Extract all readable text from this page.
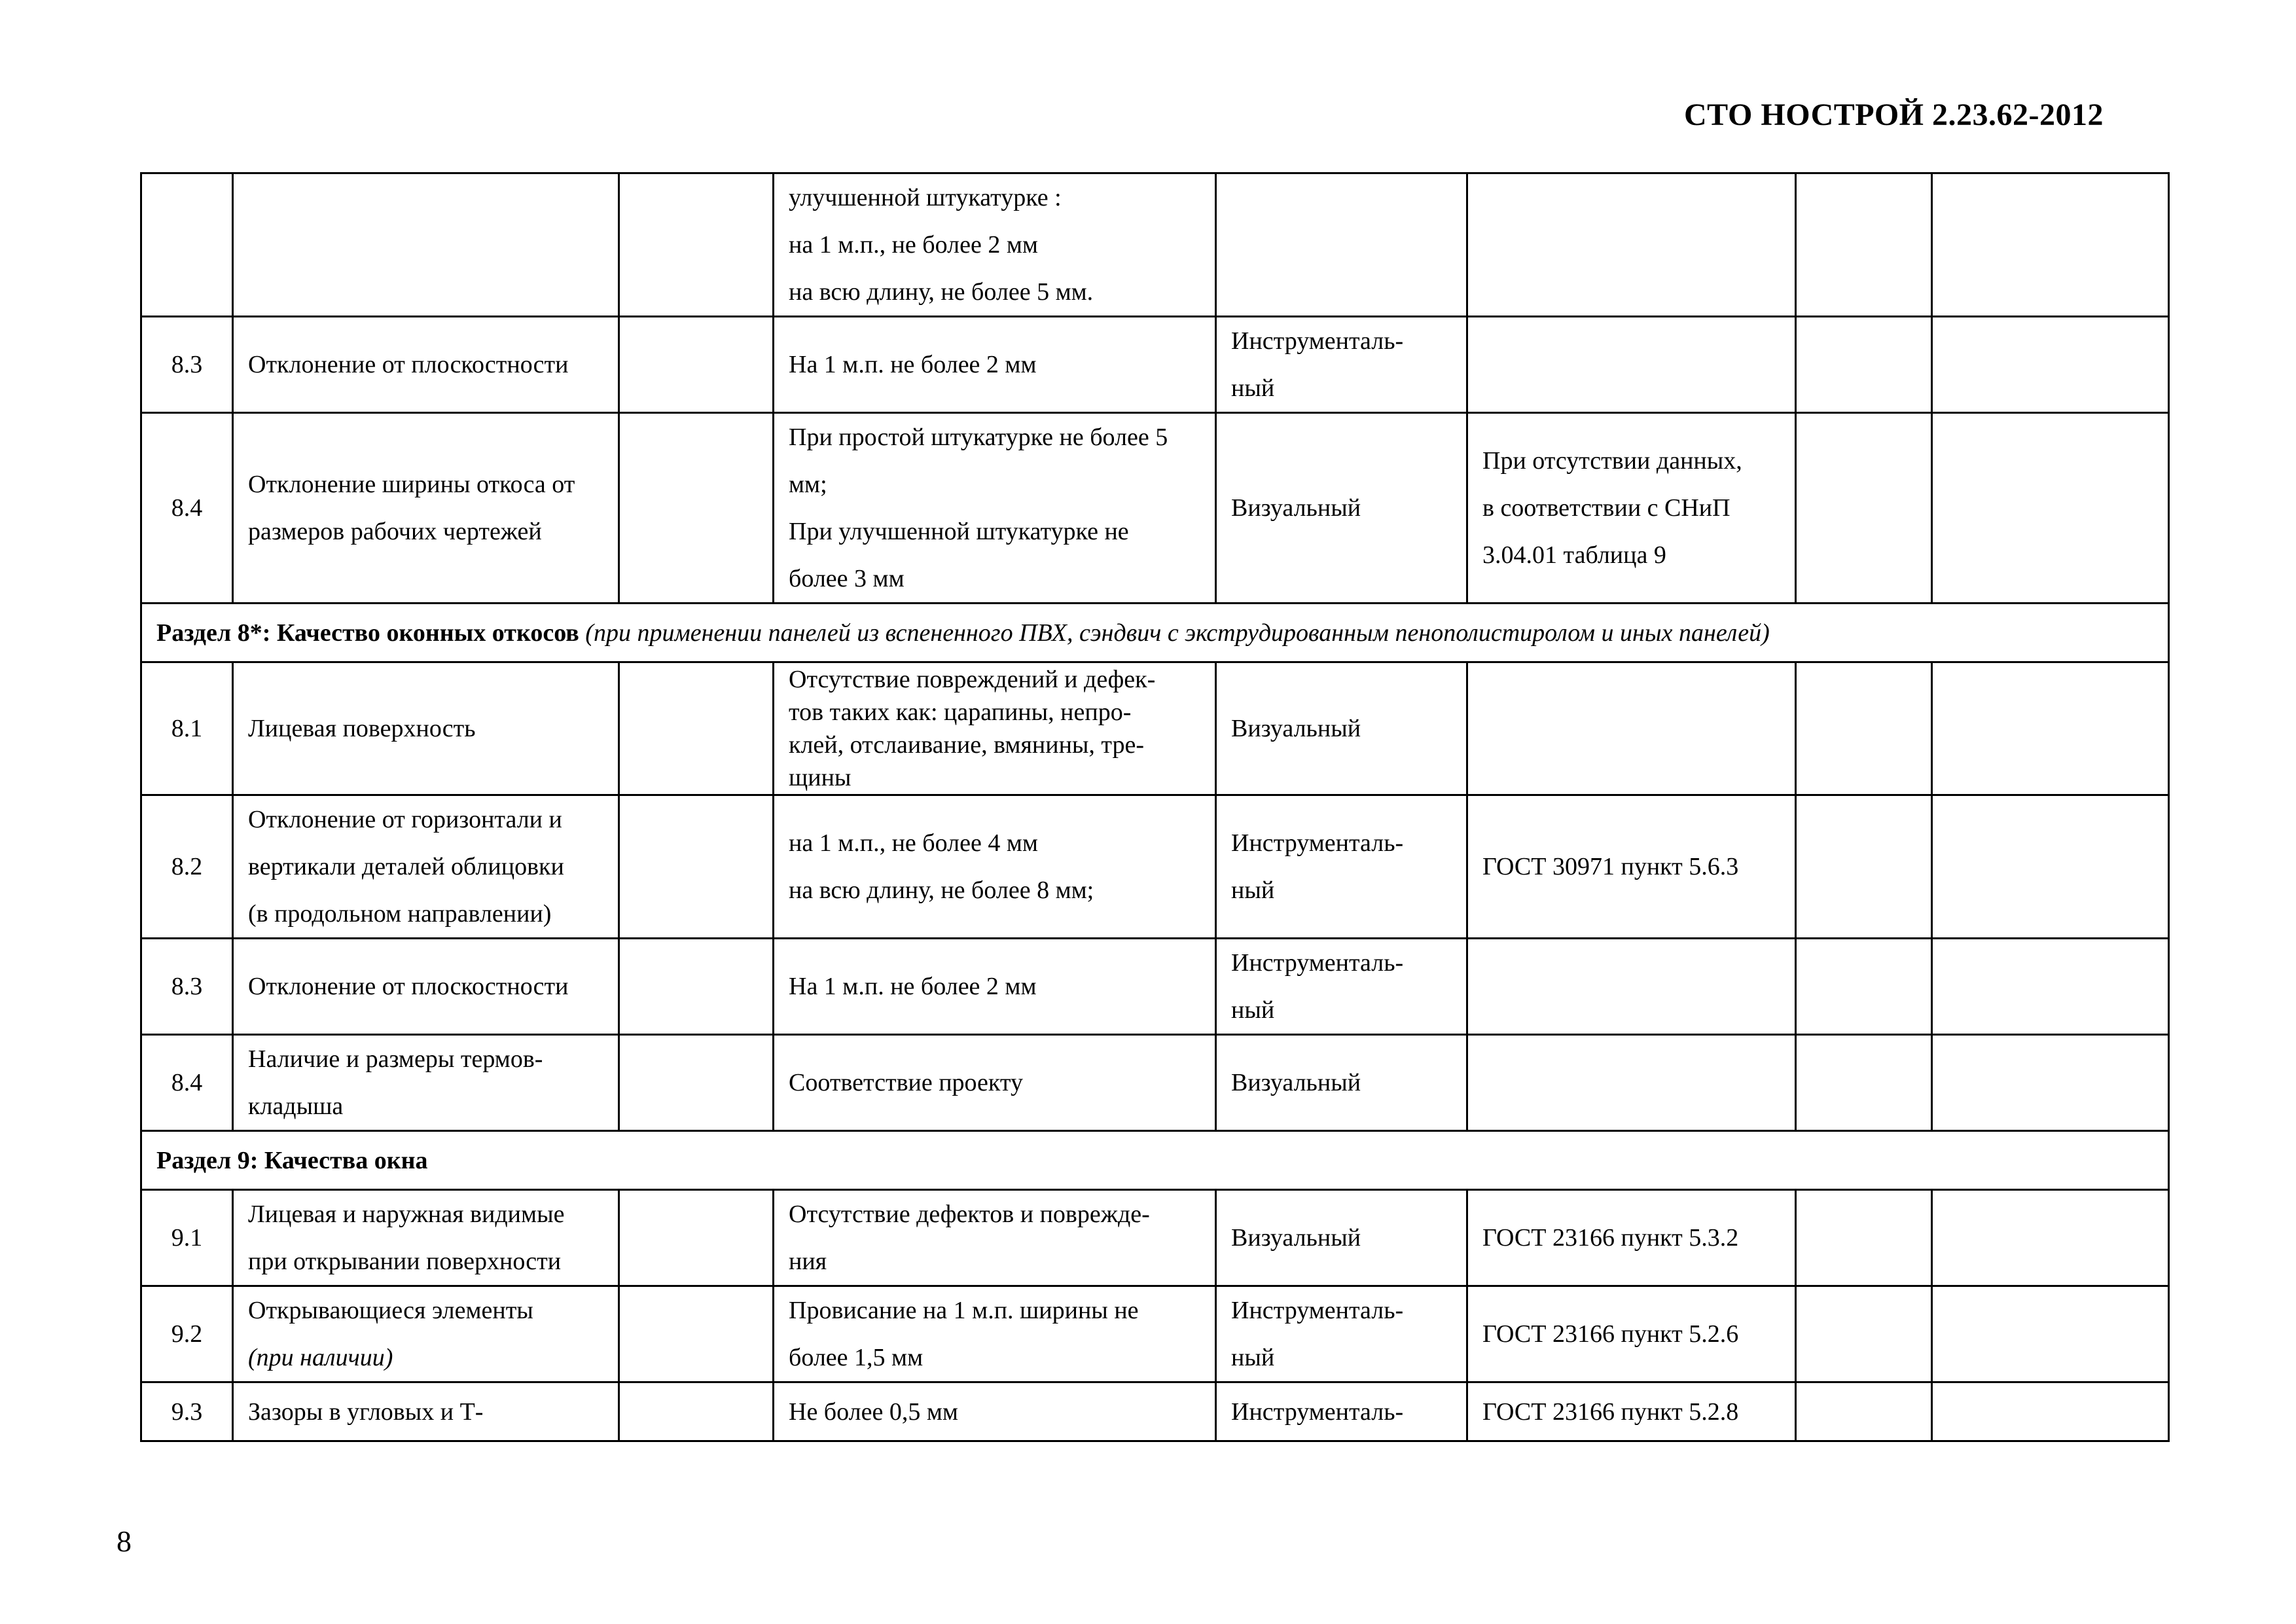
СТО НОСТРОЙ 2.23.62-2012

			улучшенной штукатурке :
на 1 м.п., не более 2 мм
на всю длину, не более 5 мм.				

8.3	Отклонение от плоскостности		На 1 м.п. не более 2 мм	Инструменталь-
ный			

8.4	Отклонение ширины откоса от
размеров рабочих чертежей		При простой штукатурке не более 5
мм;
При улучшенной штукатурке не
более 3 мм	Визуальный	При отсутствии данных,
в соответствии с СНиП
3.04.01 таблица 9		

Раздел 8*: Качество оконных откосов (при применении панелей из вспененного ПВХ, сэндвич с экструдированным пенополистиролом и иных панелей)							
8.1	Лицевая поверхность		Отсутствие повреждений и дефек-
тов таких как: царапины, непро-
клей, отслаивание, вмянины, тре-
щины	Визуальный			

8.2	Отклонение от горизонтали и
вертикали деталей облицовки
(в продольном направлении)		на 1 м.п., не более 4 мм
на всю длину, не более 8 мм;	Инструменталь-
ный	ГОСТ 30971 пункт 5.6.3		

8.3	Отклонение от плоскостности		На 1 м.п. не более 2 мм	Инструменталь-
ный			

8.4	Наличие и размеры термов-
кладыша		Соответствие проекту	Визуальный			

Раздел 9: Качества окна							
9.1	Лицевая и наружная видимые
при открывании поверхности		Отсутствие дефектов и поврежде-
ния	Визуальный	ГОСТ 23166 пункт 5.3.2		

9.2	Открывающиеся элементы
(при наличии)		Провисание на 1 м.п. ширины не
более 1,5 мм	Инструменталь-
ный	ГОСТ 23166 пункт 5.2.6		

9.3	Зазоры в угловых и Т-		Не более 0,5 мм	Инструменталь-	ГОСТ 23166 пункт 5.2.8		

8
